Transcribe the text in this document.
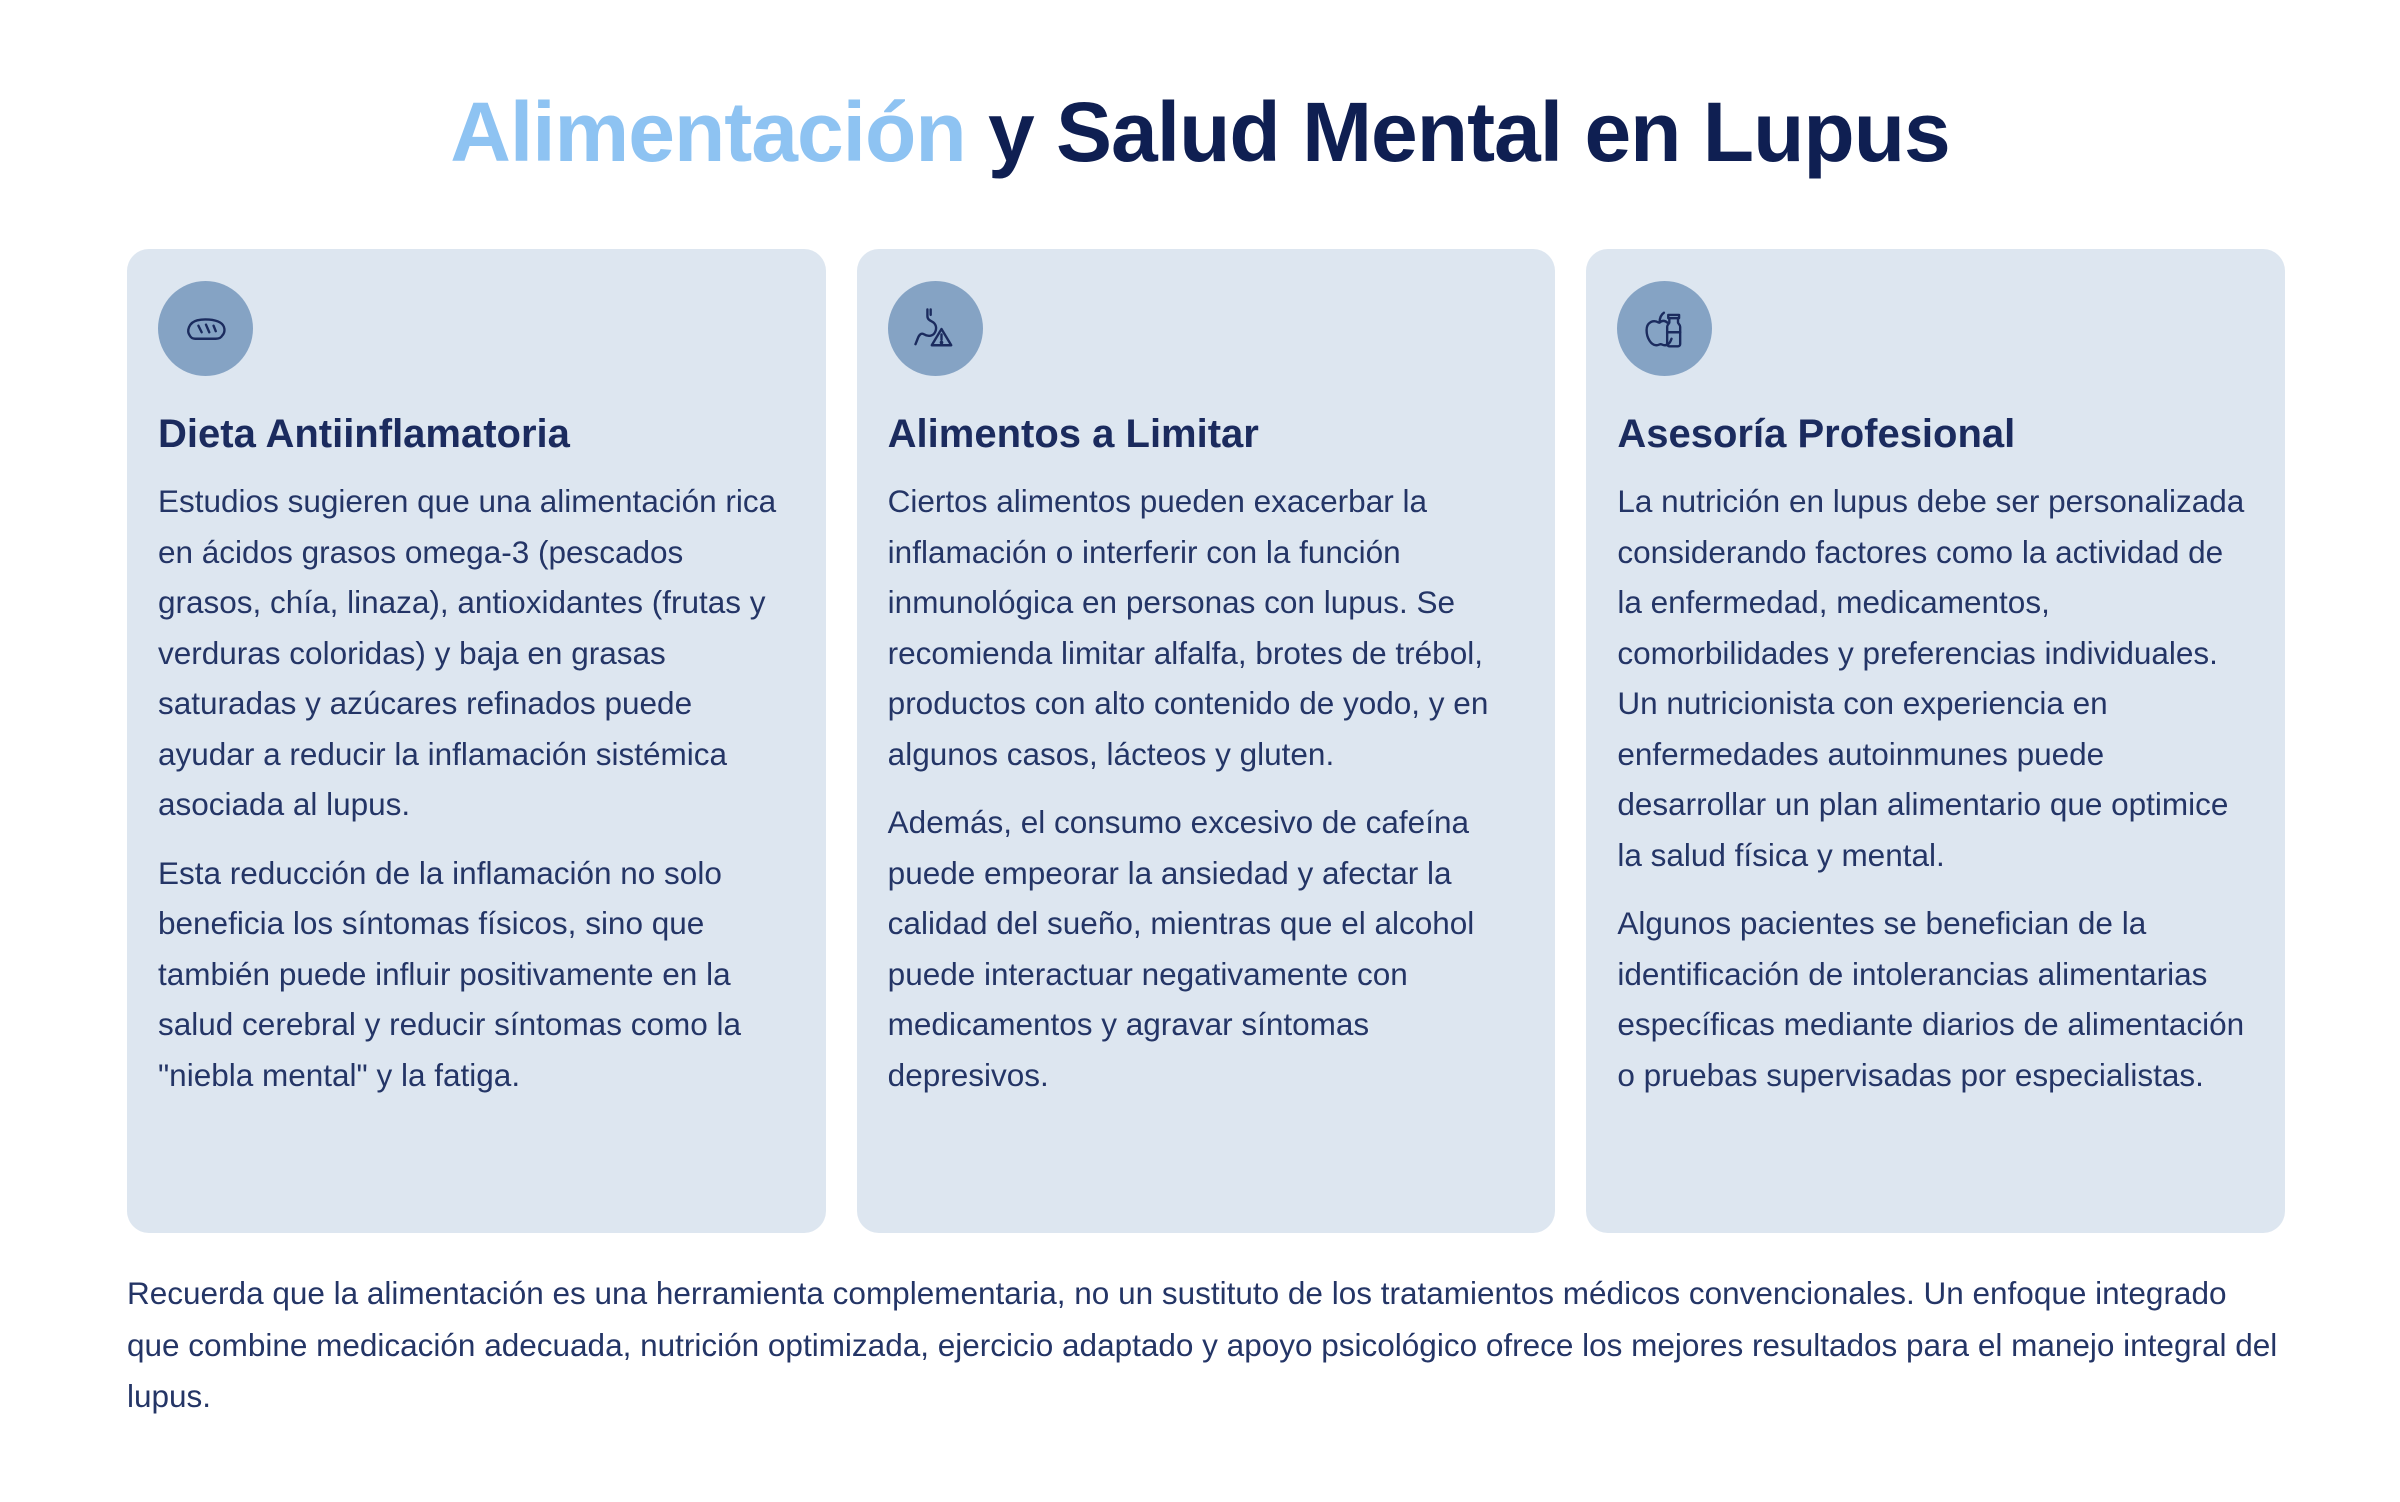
Alimentación y Salud Mental en Lupus
Dieta Antiinflamatoria

Estudios sugieren que una alimentación rica en ácidos grasos omega-3 (pescados grasos, chía, linaza), antioxidantes (frutas y verduras coloridas) y baja en grasas saturadas y azúcares refinados puede ayudar a reducir la inflamación sistémica asociada al lupus.

Esta reducción de la inflamación no solo beneficia los síntomas físicos, sino que también puede influir positivamente en la salud cerebral y reducir síntomas como la "niebla mental" y la fatiga.

Alimentos a Limitar

Ciertos alimentos pueden exacerbar la inflamación o interferir con la función inmunológica en personas con lupus. Se recomienda limitar alfalfa, brotes de trébol, productos con alto contenido de yodo, y en algunos casos, lácteos y gluten.

Además, el consumo excesivo de cafeína puede empeorar la ansiedad y afectar la calidad del sueño, mientras que el alcohol puede interactuar negativamente con medicamentos y agravar síntomas depresivos.

Asesoría Profesional

La nutrición en lupus debe ser personalizada considerando factores como la actividad de la enfermedad, medicamentos, comorbilidades y preferencias individuales. Un nutricionista con experiencia en enfermedades autoinmunes puede desarrollar un plan alimentario que optimice la salud física y mental.

Algunos pacientes se benefician de la identificación de intolerancias alimentarias específicas mediante diarios de alimentación o pruebas supervisadas por especialistas.

Recuerda que la alimentación es una herramienta complementaria, no un sustituto de los tratamientos médicos convencionales. Un enfoque integrado que combine medicación adecuada, nutrición optimizada, ejercicio adaptado y apoyo psicológico ofrece los mejores resultados para el manejo integral del lupus.
